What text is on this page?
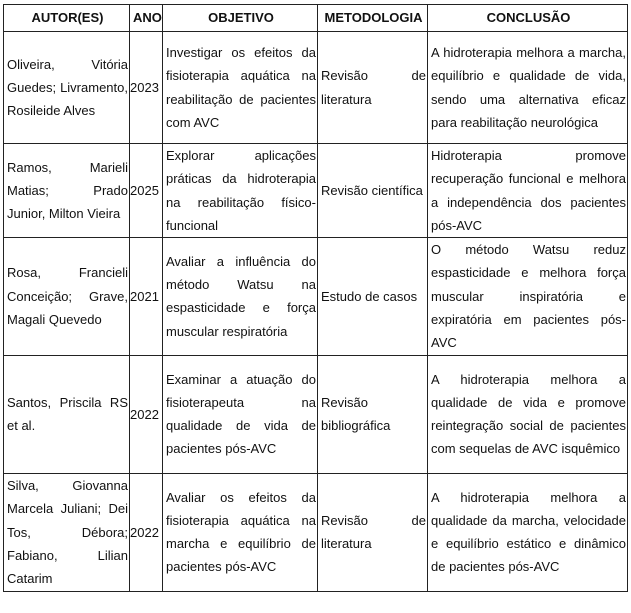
AUTOR(ES)	ANO	OBJETIVO	METODOLOGIA	CONCLUSÃO
Oliveira, Vitória Guedes; Livramento, Rosileide Alves	2023	Investigar os efeitos da fisioterapia aquática na reabilitação de pacientes com AVC	Revisão de literatura	A hidroterapia melhora a marcha, equilíbrio e qualidade de vida, sendo uma alternativa eficaz para reabilitação neurológica
Ramos, Marieli Matias; Prado Junior, Milton Vieira	2025	Explorar aplicações práticas da hidroterapia na reabilitação físico-funcional	Revisão científica	Hidroterapia promove recuperação funcional e melhora a independência dos pacientes pós-AVC
Rosa, Francieli Conceição; Grave, Magali Quevedo	2021	Avaliar a influência do método Watsu na espasticidade e força muscular respiratória	Estudo de casos	O método Watsu reduz espasticidade e melhora força muscular inspiratória e expiratória em pacientes pós-AVC
Santos, Priscila RS et al.	2022	Examinar a atuação do fisioterapeuta na qualidade de vida de pacientes pós-AVC	Revisão bibliográfica	A hidroterapia melhora a qualidade de vida e promove reintegração social de pacientes com sequelas de AVC isquêmico
Silva, Giovanna Marcela Juliani; Dei Tos, Débora; Fabiano, Lilian Catarim	2022	Avaliar os efeitos da fisioterapia aquática na marcha e equilíbrio de pacientes pós-AVC	Revisão de literatura	A hidroterapia melhora a qualidade da marcha, velocidade e equilíbrio estático e dinâmico de pacientes pós-AVC
